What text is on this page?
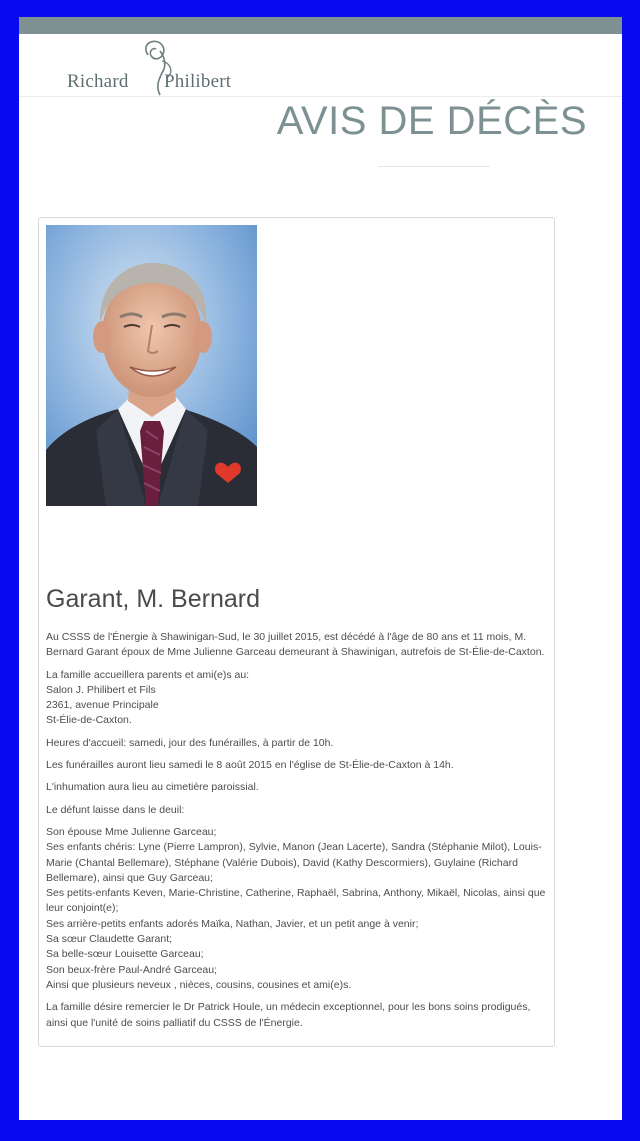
Richard Philibert
AVIS DE DÉCÈS
Garant, M. Bernard

Au CSSS de l'Énergie à Shawinigan-Sud, le 30 juillet 2015, est décédé à l'âge de 80 ans et 11 mois, M. Bernard Garant époux de Mme Julienne Garceau demeurant à Shawinigan, autrefois de St-Élie-de-Caxton.

La famille accueillera parents et ami(e)s au:
Salon J. Philibert et Fils
2361, avenue Principale
St-Élie-de-Caxton.

Heures d'accueil: samedi, jour des funérailles, à partir de 10h.

Les funérailles auront lieu samedi le 8 août 2015 en l'église de St-Élie-de-Caxton à 14h.

L'inhumation aura lieu au cimetière paroissial.

Le défunt laisse dans le deuil:

Son épouse Mme Julienne Garceau;
Ses enfants chéris: Lyne (Pierre Lampron), Sylvie, Manon (Jean Lacerte), Sandra (Stéphanie Milot), Louis-Marie (Chantal Bellemare), Stéphane (Valérie Dubois), David (Kathy Descormiers), Guylaine (Richard Bellemare), ainsi que Guy Garceau;
Ses petits-enfants Keven, Marie-Christine, Catherine, Raphaël, Sabrina, Anthony, Mikaël, Nicolas, ainsi que leur conjoint(e);
Ses arrière-petits enfants adorés Maïka, Nathan, Javier, et un petit ange à venir;
Sa sœur Claudette Garant;
Sa belle-sœur Louisette Garceau;
Son beux-frère Paul-André Garceau;
Ainsi que plusieurs neveux , nièces, cousins, cousines et ami(e)s.

La famille désire remercier le Dr Patrick Houle, un médecin exceptionnel, pour les bons soins prodigués, ainsi que l'unité de soins palliatif du CSSS de l'Énergie.
